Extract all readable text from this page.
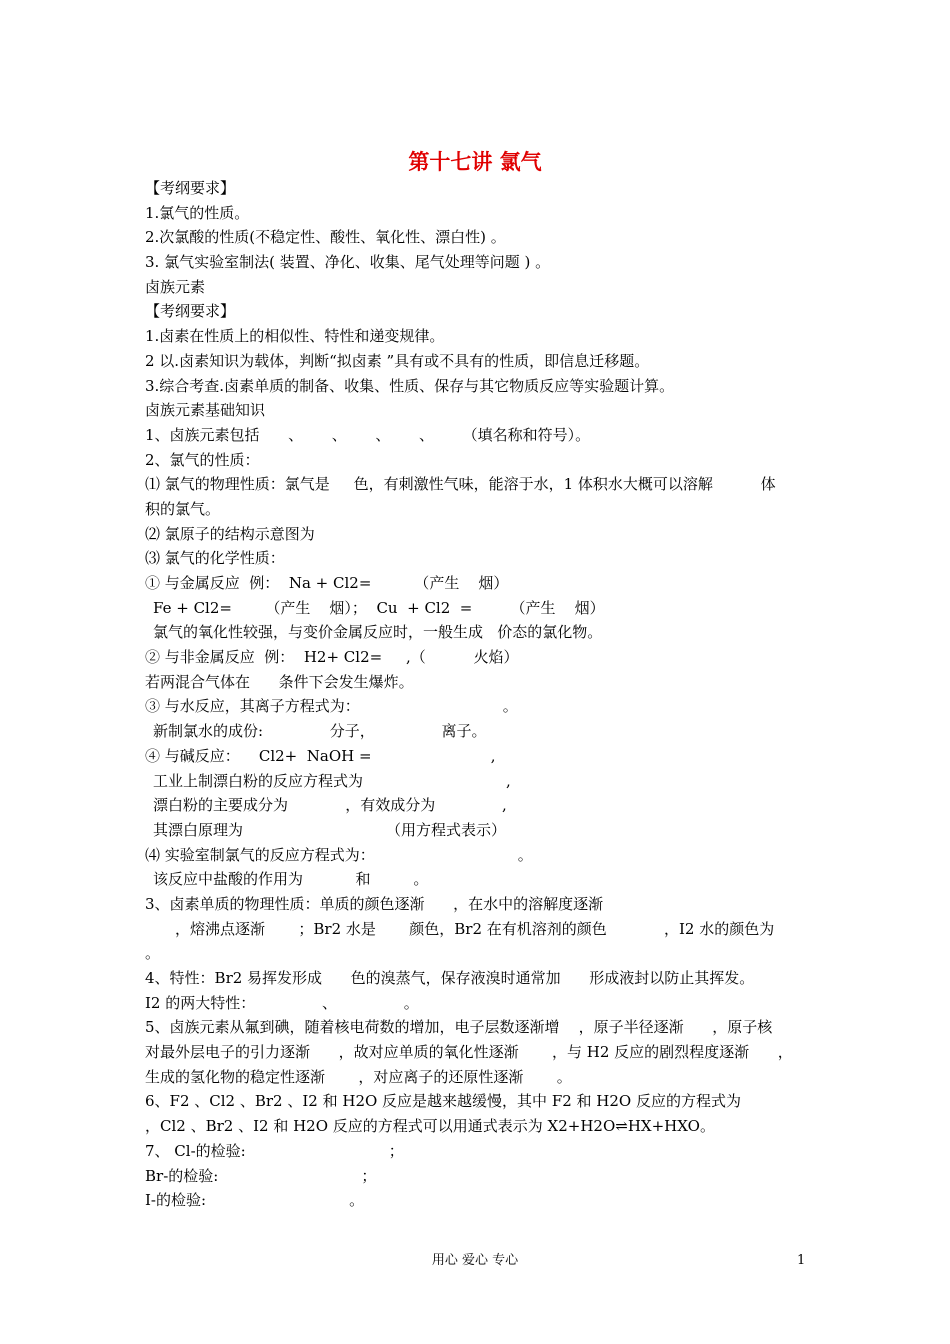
第十七讲 氯气
【考纲要求】
1.氯气的性质。
2.次氯酸的性质(不稳定性、酸性、氧化性、漂白性) 。
3. 氯气实验室制法( 装置、净化、收集、尾气处理等问题 ) 。
卤族元素
【考纲要求】
1.卤素在性质上的相似性、特性和递变规律。
2 以.卤素知识为载体，判断“拟卤素 ”具有或不具有的性质，即信息迁移题。
3.综合考查.卤素单质的制备、收集、性质、保存与其它物质反应等实验题计算。
卤族元素基础知识
1、卤族元素包括      、      、      、      、      （填名称和符号）。
2、氯气的性质：
⑴ 氯气的物理性质：氯气是     色，有刺激性气味，能溶于水，1 体积水大概可以溶解          体
积的氯气。
⑵ 氯原子的结构示意图为
⑶ 氯气的化学性质：
① 与金属反应  例：  Na + Cl2=         （产生    烟）
Fe + Cl2=       （产生    烟）；  Cu  + Cl2  =        （产生    烟）
氯气的氧化性较强，与变价金属反应时，一般生成   价态的氯化物。
② 与非金属反应  例：  H2+ Cl2=     ,（          火焰）
若两混合气体在      条件下会发生爆炸。
③ 与水反应，其离子方程式为：                              。
新制氯水的成份:              分子，              离子。
④ 与碱反应：    Cl2+  NaOH =                         ,
工业上制漂白粉的反应方程式为                              ,
漂白粉的主要成分为            ，有效成分为              ,
其漂白原理为                              （用方程式表示）
⑷ 实验室制氯气的反应方程式为：                              。
该反应中盐酸的作用为           和         。
3、卤素单质的物理性质：单质的颜色逐渐      ，在水中的溶解度逐渐
，熔沸点逐渐       ；Br2 水是       颜色，Br2 在有机溶剂的颜色            ，I2 水的颜色为
。
4、特性：Br2 易挥发形成      色的溴蒸气，保存液溴时通常加      形成液封以防止其挥发。
I2 的两大特性：              、              。
5、卤族元素从氟到碘，随着核电荷数的增加，电子层数逐渐增    ，原子半径逐渐      ，原子核
对最外层电子的引力逐渐      ，故对应单质的氧化性逐渐       ，与 H2 反应的剧烈程度逐渐      ，
生成的氢化物的稳定性逐渐       ，对应离子的还原性逐渐       。
6、F2 、Cl2 、Br2 、I2 和 H2O 反应是越来越缓慢，其中 F2 和 H2O 反应的方程式为
，Cl2 、Br2 、I2 和 H2O 反应的方程式可以用通式表示为 X2+H2O⇌HX+HXO。
7、 Cl-的检验:                              ；
Br-的检验:                              ；
I-的检验:                              。
用心 爱心 专心	1
